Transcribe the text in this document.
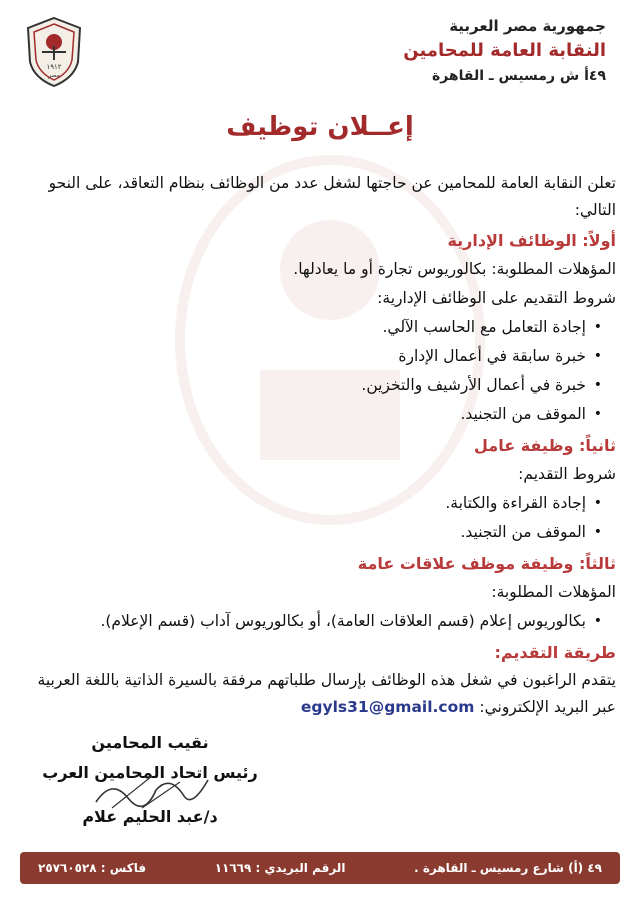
١٩١٢
مصر
جمهورية مصر العربية
النقابة العامة للمحامين
٤٩أ ش رمسيس ـ القاهرة
إعــلان توظيف
تعلن النقابة العامة للمحامين عن حاجتها لشغل عدد من الوظائف بنظام التعاقد، على النحو التالي:
أولاً: الوظائف الإدارية
المؤهلات المطلوبة: بكالوريوس تجارة أو ما يعادلها.
شروط التقديم على الوظائف الإدارية:
•
إجادة التعامل مع الحاسب الآلي.
•
خبرة سابقة في أعمال الإدارة
•
خبرة في أعمال الأرشيف والتخزين.
•
الموقف من التجنيد.
ثانياً: وظيفة عامل
شروط التقديم:
•
إجادة القراءة والكتابة.
•
الموقف من التجنيد.
ثالثاً: وظيفة موظف علاقات عامة
المؤهلات المطلوبة:
•
بكالوريوس إعلام (قسم العلاقات العامة)، أو بكالوريوس آداب (قسم الإعلام).
طريقة التقديم:
يتقدم الراغبون في شغل هذه الوظائف بإرسال طلباتهم مرفقة بالسيرة الذاتية باللغة العربية عبر البريد الإلكتروني: egyls31@gmail.com
نقيب المحامين
رئيس اتحاد المحامين العرب
د/عبد الحليم علام
٤٩ (أ) شارع رمسيس ـ القاهرة .
الرقم البريدي : ١١٦٦٩
فاكس : ٢٥٧٦٠٥٢٨
